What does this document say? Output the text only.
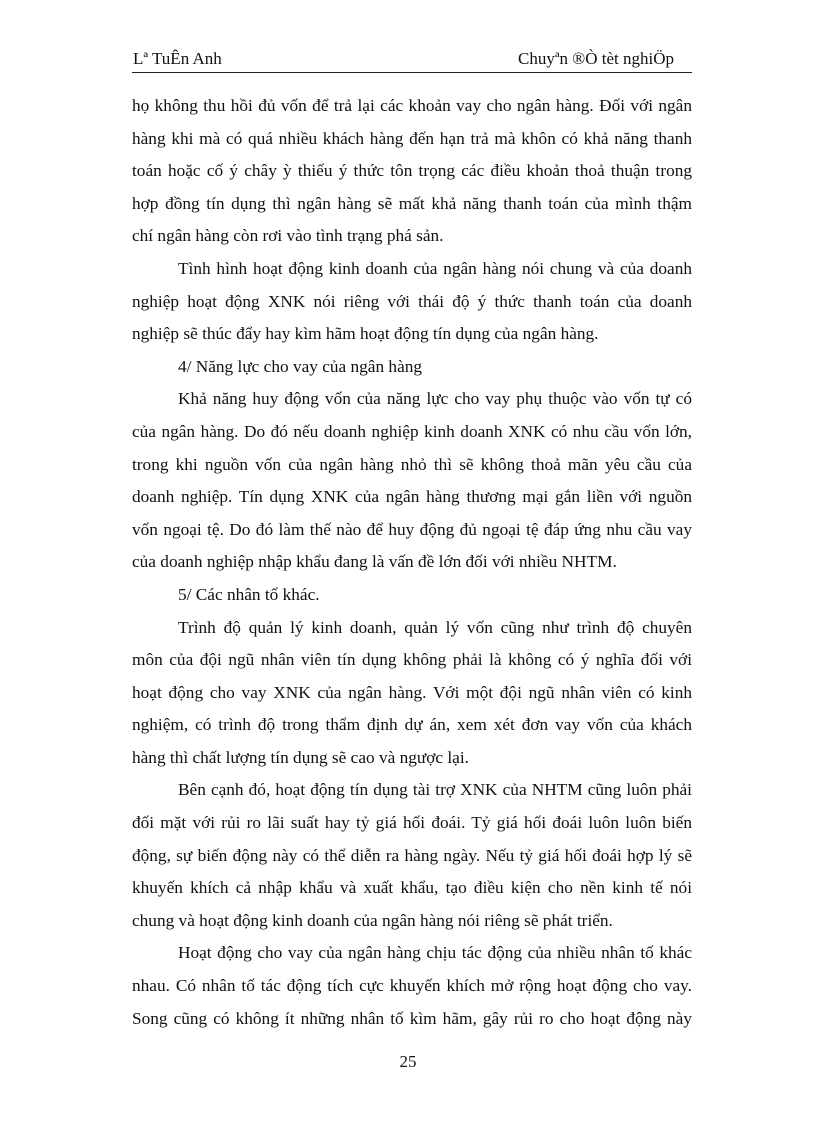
Lª TuÊn Anh	Chuyªn ®Ò tèt nghiÖp
họ không thu hồi đủ vốn để trả lại các khoản vay cho ngân hàng. Đối với ngân
hàng khi mà có quá nhiều khách hàng đến hạn trả mà khôn có khả năng thanh
toán hoặc cố ý chây ỳ thiếu ý thức tôn trọng các điều khoản thoả thuận trong
hợp đồng tín dụng thì ngân hàng sẽ mất khả năng thanh toán của mình thậm
chí ngân hàng còn rơi vào tình trạng phá sản.
Tình hình hoạt động kinh doanh của ngân hàng nói chung và của doanh
nghiệp hoạt động XNK nói riêng với thái độ ý thức thanh toán của doanh
nghiệp sẽ thúc đẩy hay kìm hãm hoạt động tín dụng của ngân hàng.
4/ Năng lực cho vay của ngân hàng
Khả năng huy động vốn của năng lực cho vay phụ thuộc vào vốn tự có
của ngân hàng. Do đó nếu doanh nghiệp kinh doanh XNK có nhu cầu vốn lớn,
trong khi nguồn vốn của ngân hàng nhỏ thì sẽ không thoả mãn yêu cầu của
doanh nghiệp. Tín dụng XNK của ngân hàng thương mại gắn liền với nguồn
vốn ngoại tệ. Do đó làm thế nào để huy động đủ ngoại tệ đáp ứng nhu cầu vay
của doanh nghiệp nhập khẩu đang là vấn đề lớn đối với nhiều NHTM.
5/ Các nhân tố khác.
Trình độ quản lý kinh doanh, quản lý vốn cũng như trình độ chuyên
môn của đội ngũ nhân viên tín dụng không phải là không có ý nghĩa đối với
hoạt động cho vay XNK của ngân hàng. Với một đội ngũ nhân viên có kinh
nghiệm, có trình độ trong thẩm định dự án, xem xét đơn vay vốn của khách
hàng thì chất lượng tín dụng sẽ cao và ngược lại.
Bên cạnh đó, hoạt động tín dụng tài trợ XNK của NHTM cũng luôn phải
đối mặt với rủi ro lãi suất hay tỷ giá hối đoái. Tỷ giá hối đoái luôn luôn biến
động, sự biến động này có thể diễn ra hàng ngày. Nếu tỷ giá hối đoái hợp lý sẽ
khuyến khích cả nhập khẩu và xuất khẩu, tạo điều kiện cho nền kinh tế nói
chung và hoạt động kinh doanh của ngân hàng nói riêng sẽ phát triển.
Hoạt động cho vay của ngân hàng chịu tác động của nhiều nhân tố khác
nhau. Có nhân tố tác động tích cực khuyến khích mở rộng hoạt động cho vay.
Song cũng có không ít những nhân tố kìm hãm, gây rủi ro cho hoạt động này
25
